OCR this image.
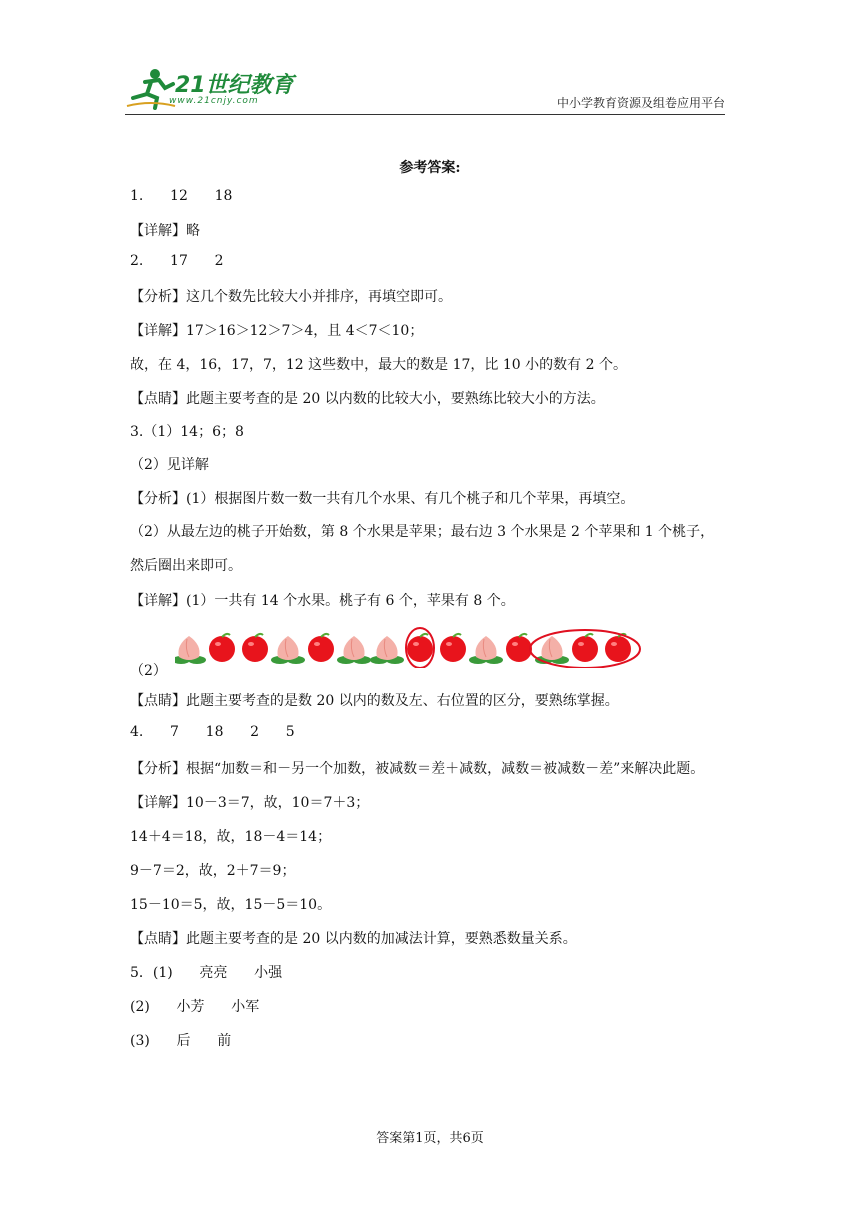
21世纪教育
www.21cnjy.com	中小学教育资源及组卷应用平台
参考答案:
1.      12      18
【详解】略
2.      17      2
【分析】这几个数先比较大小并排序，再填空即可。
【详解】17＞16＞12＞7＞4，且 4＜7＜10；
故，在 4，16，17，7，12 这些数中，最大的数是 17，比 10 小的数有 2 个。
【点睛】此题主要考查的是 20 以内数的比较大小，要熟练比较大小的方法。
3.（1）14；6；8
（2）见详解
【分析】(1）根据图片数一数一共有几个水果、有几个桃子和几个苹果，再填空。
（2）从最左边的桃子开始数，第 8 个水果是苹果；最右边 3 个水果是 2 个苹果和 1 个桃子，
然后圈出来即可。
【详解】(1）一共有 14 个水果。桃子有 6 个，苹果有 8 个。
（2）
【点睛】此题主要考查的是数 20 以内的数及左、右位置的区分，要熟练掌握。
4.      7      18      2      5
【分析】根据“加数＝和－另一个加数，被减数＝差＋减数，减数＝被减数－差”来解决此题。
【详解】10－3＝7，故，10＝7＋3；
14＋4＝18，故，18－4＝14；
9－7＝2，故，2＋7＝9；
15－10＝5，故，15－5＝10。
【点睛】此题主要考查的是 20 以内数的加减法计算，要熟悉数量关系。
5．(1)      亮亮      小强
(2)      小芳      小军
(3)      后      前
答案第1页，共6页
